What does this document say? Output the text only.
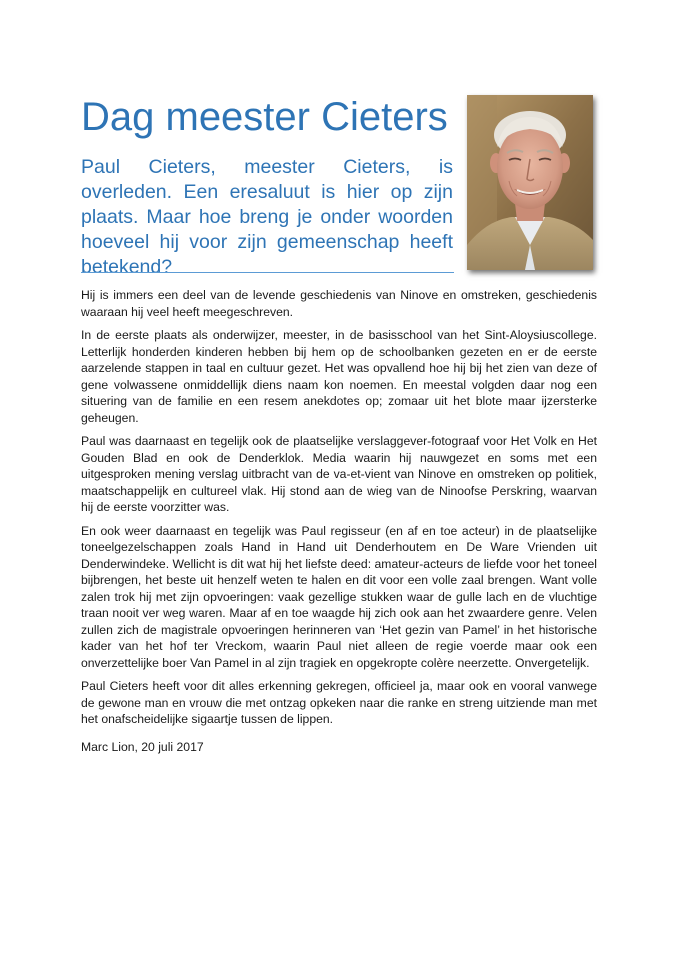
Dag meester Cieters

Paul Cieters, meester Cieters, is overleden. Een eresaluut is hier op zijn plaats. Maar hoe breng je onder woorden hoeveel hij voor zijn gemeenschap heeft betekend?

Hij is immers een deel van de levende geschiedenis van Ninove en omstreken, geschiedenis waaraan hij veel heeft meegeschreven.

In de eerste plaats als onderwijzer, meester, in de basisschool van het Sint-Aloysiuscollege. Letterlijk honderden kinderen hebben bij hem op de schoolbanken gezeten en er de eerste aarzelende stappen in taal en cultuur gezet. Het was opvallend hoe hij bij het zien van deze of gene volwassene onmiddellijk diens naam kon noemen. En meestal volgden daar nog een situering van de familie en een resem anekdotes op; zomaar uit het blote maar ijzersterke geheugen.

Paul was daarnaast en tegelijk ook de plaatselijke verslaggever-fotograaf voor Het Volk en Het Gouden Blad en ook de Denderklok. Media waarin hij nauwgezet en soms met een uitgesproken mening verslag uitbracht van de va-et-vient van Ninove en omstreken op politiek, maatschappelijk en cultureel vlak. Hij stond aan de wieg van de Ninoofse Perskring, waarvan hij de eerste voorzitter was.

En ook weer daarnaast en tegelijk was Paul regisseur (en af en toe acteur) in de plaatselijke toneelgezelschappen zoals Hand in Hand uit Denderhoutem en De Ware Vrienden uit Denderwindeke. Wellicht is dit wat hij het liefste deed: amateur-acteurs de liefde voor het toneel bijbrengen, het beste uit henzelf weten te halen en dit voor een volle zaal brengen. Want volle zalen trok hij met zijn opvoeringen: vaak gezellige stukken waar de gulle lach en de vluchtige traan nooit ver weg waren. Maar af en toe waagde hij zich ook aan het zwaardere genre. Velen zullen zich de magistrale opvoeringen herinneren van ‘Het gezin van Pamel’ in het historische kader van het hof ter Vreckom, waarin Paul niet alleen de regie voerde maar ook een onverzettelijke boer Van Pamel in al zijn tragiek en opgekropte colère neerzette. Onvergetelijk.

Paul Cieters heeft voor dit alles erkenning gekregen, officieel ja, maar ook en vooral vanwege de gewone man en vrouw die met ontzag opkeken naar die ranke en streng uitziende man met het onafscheidelijke sigaartje tussen de lippen.

Marc Lion, 20 juli 2017
